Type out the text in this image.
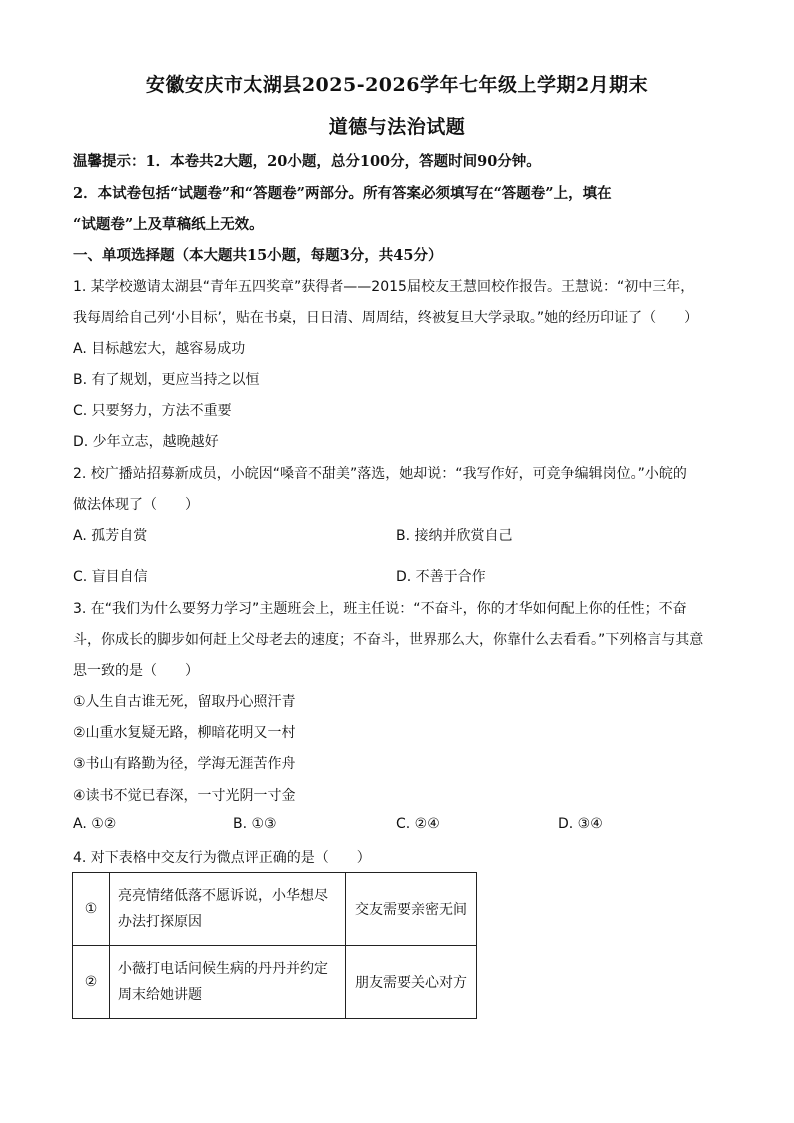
安徽安庆市太湖县2025-2026学年七年级上学期2月期末
道德与法治试题
温馨提示：1．本卷共2大题，20小题，总分100分，答题时间90分钟。
2．本试卷包括“试题卷”和“答题卷”两部分。所有答案必须填写在“答题卷”上，填在
“试题卷”上及草稿纸上无效。
一、单项选择题（本大题共15小题，每题3分，共45分）
1. 某学校邀请太湖县“青年五四奖章”获得者——2015届校友王慧回校作报告。王慧说：“初中三年，
我每周给自己列‘小目标’，贴在书桌，日日清、周周结，终被复旦大学录取。”她的经历印证了（　　）
A. 目标越宏大，越容易成功
B. 有了规划，更应当持之以恒
C. 只要努力，方法不重要
D. 少年立志，越晚越好
2. 校广播站招募新成员，小皖因“嗓音不甜美”落选，她却说：“我写作好，可竞争编辑岗位。”小皖的
做法体现了（　　）
A. 孤芳自赏	B. 接纳并欣赏自己
C. 盲目自信	D. 不善于合作
3. 在“我们为什么要努力学习”主题班会上，班主任说：“不奋斗，你的才华如何配上你的任性；不奋
斗，你成长的脚步如何赶上父母老去的速度；不奋斗，世界那么大，你靠什么去看看。”下列格言与其意
思一致的是（　　）
①人生自古谁无死，留取丹心照汗青
②山重水复疑无路，柳暗花明又一村
③书山有路勤为径，学海无涯苦作舟
④读书不觉已春深，一寸光阴一寸金
A. ①②	B. ①③	C. ②④	D. ③④
4. 对下表格中交友行为微点评正确的是（　　）
①	亮亮情绪低落不愿诉说，小华想尽办法打探原因	交友需要亲密无间
②	小薇打电话问候生病的丹丹并约定周末给她讲题	朋友需要关心对方
